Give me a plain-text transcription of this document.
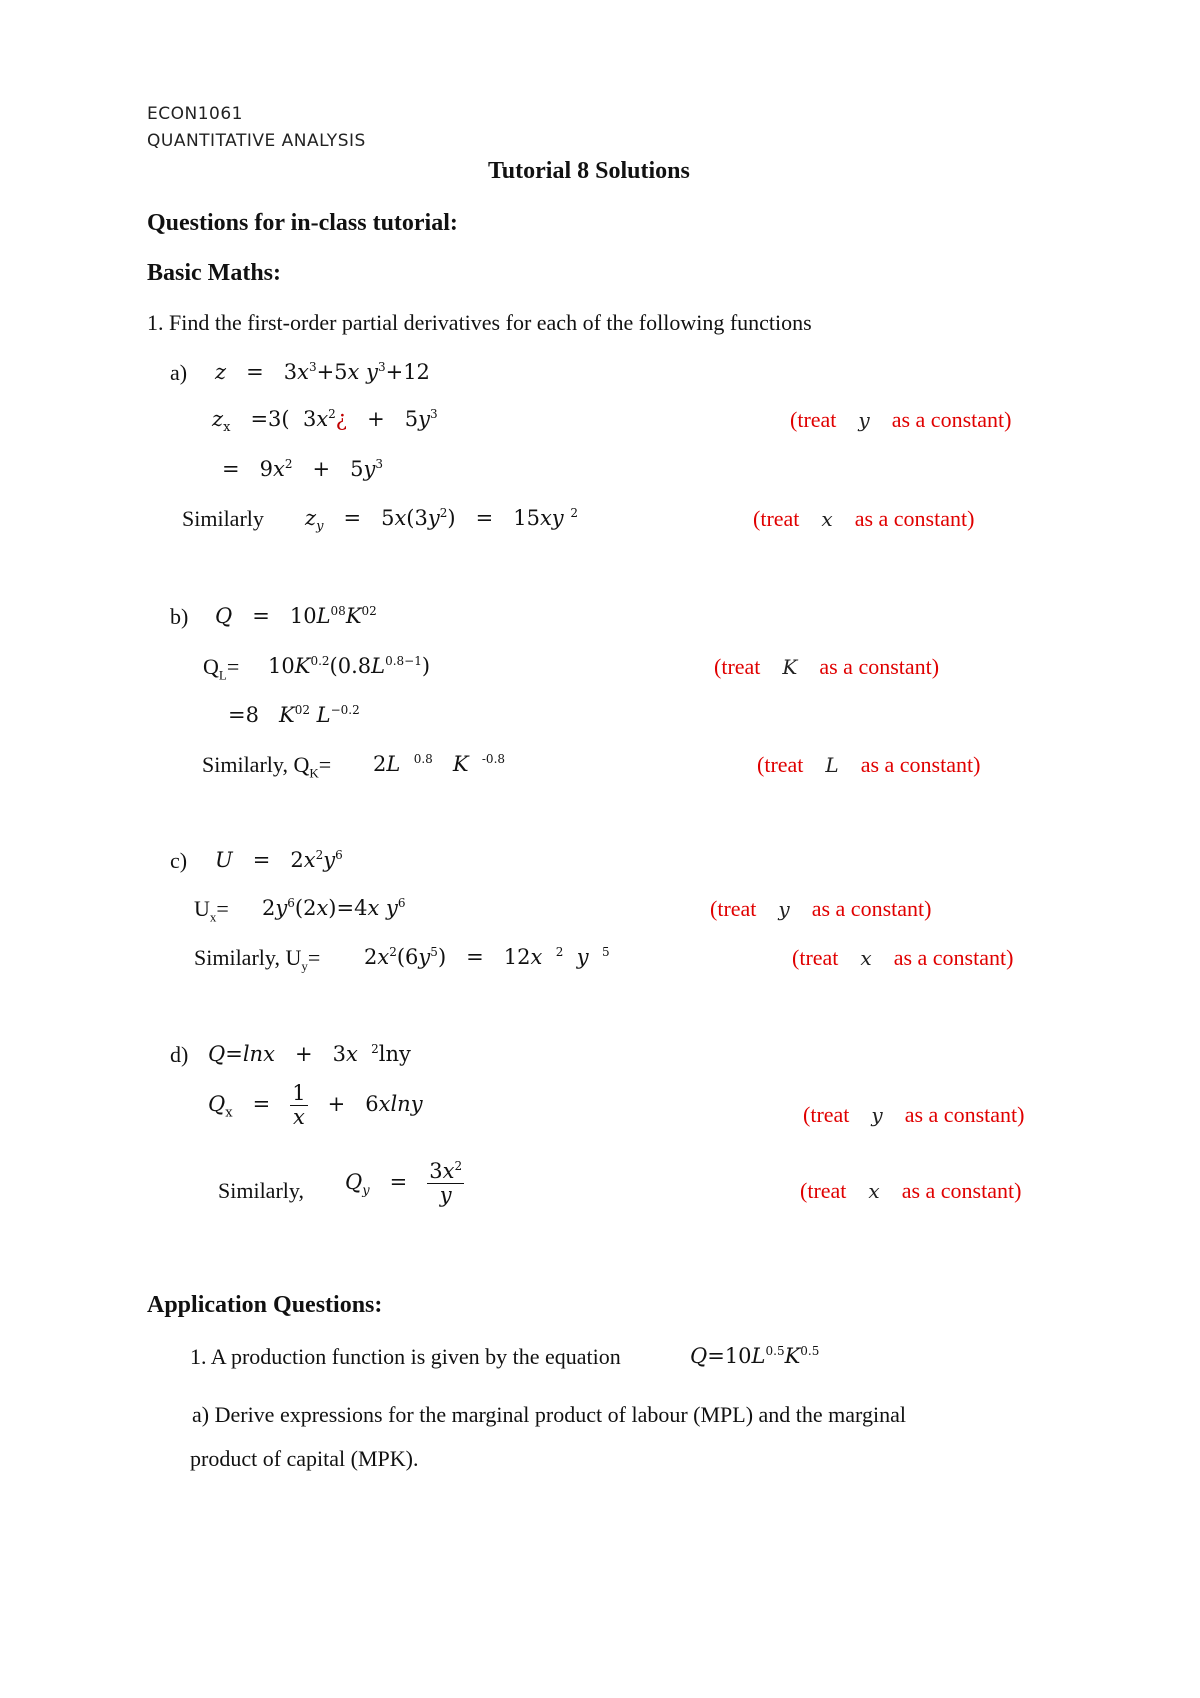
ECON1061
QUANTITATIVE ANALYSIS
Tutorial 8 Solutions
Questions for in-class tutorial:
Basic Maths:
1. Find the first-order partial derivatives for each of the following functions
a) $z = 3x^3+5x$ $y^3+12$
$z_x =3$(  $3x^2¿ + 5y^3$	(treat y as a constant)
=   $9x^2 + 5y^3$
Similarly $z_y = 5x(3y^2) = 15xy$ $^2$	(treat x as a constant)
b) $Q = 10L^{08}K^{02}$
$Q_L= 10K^{0.2}(0.8L^{0.8-1})$	(treat K as a constant)
=8   $K^{02}$ $L^{-0.2}$
Similarly, $Q_K= 2L$ $^{0.8}$ K $^{-0.8}$	(treat L as a constant)
c) $U = 2x^2y^6$
$U_x= 2y^6(2x)=4x$ $y^6$	(treat y as a constant)
Similarly, $U_y= 2x^2(6y^5) = 12x$ $^2$ y $^5$	(treat x as a constant)
d) Q=lnx   +   3x $^2$lny
$Q_x = \frac{1}{x} + 6xlny$	(treat y as a constant)
Similarly, $Q_y = \frac{3x^2}{y}$	(treat x as a constant)
Application Questions:
1. A production function is given by the equation	$Q=10L^{0.5}K^{0.5}$
a) Derive expressions for the marginal product of labour (MPL) and the marginal
product of capital (MPK).
